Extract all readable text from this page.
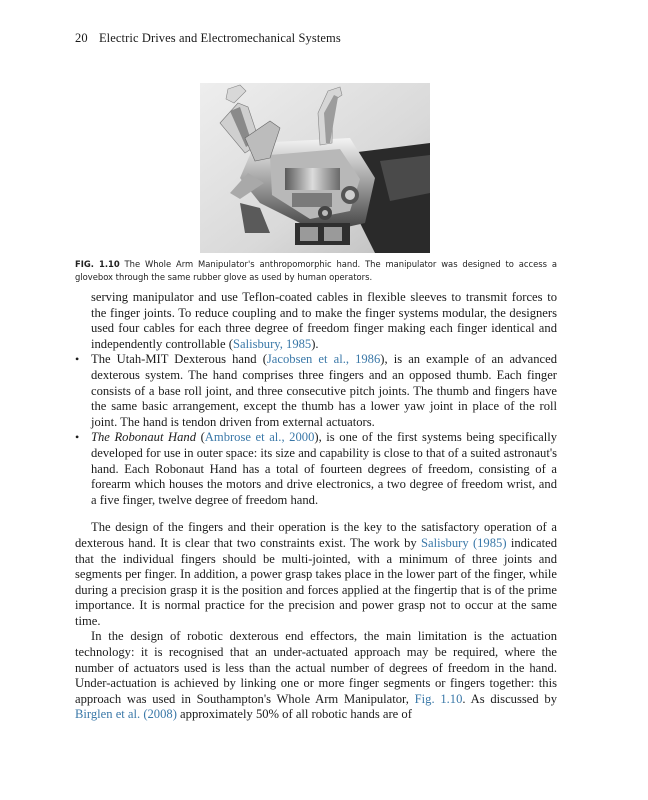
20 Electric Drives and Electromechanical Systems
FIG. 1.10 The Whole Arm Manipulator's anthropomorphic hand. The manipulator was designed to access a glovebox through the same rubber glove as used by human operators.

serving manipulator and use Teflon-coated cables in flexible sleeves to transmit forces to the finger joints. To reduce coupling and to make the finger systems modular, the designers used four cables for each three degree of freedom finger making each finger identical and independently controllable (Salisbury, 1985).

• The Utah-MIT Dexterous hand (Jacobsen et al., 1986), is an example of an advanced dexterous system. The hand comprises three fingers and an opposed thumb. Each finger consists of a base roll joint, and three consecutive pitch joints. The thumb and fingers have the same basic arrangement, except the thumb has a lower yaw joint in place of the roll joint. The hand is tendon driven from external actuators.

• The Robonaut Hand (Ambrose et al., 2000), is one of the first systems being specifically developed for use in outer space: its size and capability is close to that of a suited astronaut's hand. Each Robonaut Hand has a total of fourteen degrees of freedom, consisting of a forearm which houses the motors and drive electronics, a two degree of freedom wrist, and a five finger, twelve degree of freedom hand.

The design of the fingers and their operation is the key to the satisfactory operation of a dexterous hand. It is clear that two constraints exist. The work by Salisbury (1985) indicated that the individual fingers should be multi-jointed, with a minimum of three joints and segments per finger. In addition, a power grasp takes place in the lower part of the finger, while during a precision grasp it is the position and forces applied at the fingertip that is of the prime importance. It is normal practice for the precision and power grasp not to occur at the same time.

In the design of robotic dexterous end effectors, the main limitation is the actuation technology: it is recognised that an under-actuated approach may be required, where the number of actuators used is less than the actual number of degrees of freedom in the hand. Under-actuation is achieved by linking one or more finger segments or fingers together: this approach was used in Southampton's Whole Arm Manipulator, Fig. 1.10. As discussed by Birglen et al. (2008) approximately 50% of all robotic hands are of
